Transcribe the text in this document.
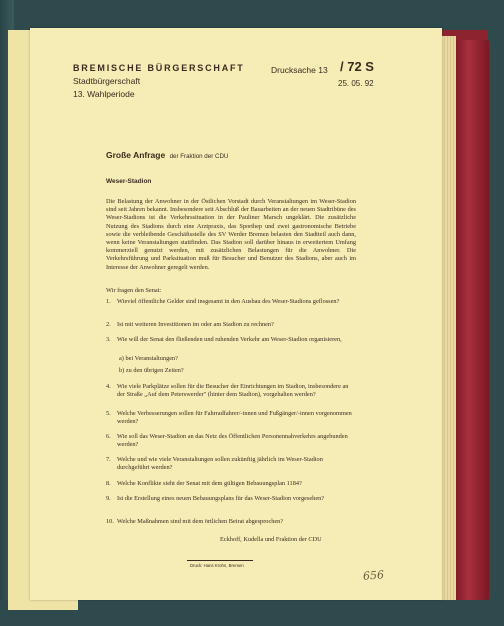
BREMISCHE BÜRGERSCHAFT
Stadtbürgerschaft
13. Wahlperiode
Drucksache 13 / 72 S
25. 05. 92
Große Anfrage der Fraktion der CDU
Weser-Stadion
Die Belastung der Anwohner in der Östlichen Vorstadt durch Veranstaltungen im Weser-Stadion sind seit Jahren bekannt. Insbesondere seit Abschluß der Bauarbeiten an der neuen Stadtribüne des Weser-Stadions ist die Verkehrssituation in der Pauliner Marsch ungeklärt. Die zusätzliche Nutzung des Stadions durch eine Arztpraxis, das Sporthep und zwei gastronomische Betriebe sowie die verbleibende Geschäftsstelle des SV Werder Bremen belasten den Stadtteil auch dann, wenn keine Veranstaltungen stattfinden. Das Stadion soll darüber hinaus in erweitertem Umfang kommerziell genutzt werden, mit zusätzlichen Belastungen für die Anwohner. Die Verkehrsführung und Parksituation muß für Besucher und Benutzer des Stadions, aber auch im Interesse der Anwohner geregelt werden.
Wir fragen den Senat:
1. Wieviel öffentliche Gelder sind insgesamt in den Ausbau des Weser-Stadions geflossen?
2. Ist mit weiteren Investitionen im oder am Stadion zu rechnen?
3. Wie will der Senat den fließenden und ruhenden Verkehr am Weser-Stadion organisieren,
a) bei Veranstaltungen?
b) zu den übrigen Zeiten?
4. Wie viele Parkplätze sollen für die Besucher der Einrichtungen im Stadion, insbesondere an der Straße „Auf dem Peterswerder" (hinter dem Stadion), vorgehalten werden?
5. Welche Verbesserungen sollen für Fahrradfahrer/-innen und Fußgänger/-innen vorgenommen werden?
6. Wie soll das Weser-Stadion an das Netz des Öffentlichen Personennahverkehrs angebunden werden?
7. Welche und wie viele Veranstaltungen sollen zukünftig jährlich im Weser-Stadion durchgeführt werden?
8. Welche Konflikte sieht der Senat mit dem gültigen Bebauungsplan 1184?
9. Ist die Erstellung eines neuen Bebauungsplans für das Weser-Stadion vorgesehen?
10. Welche Maßnahmen sind mit dem örtlichen Beirat abgesprochen?
Eckhoff, Kudella und Fraktion der CDU
Druck: Hans Krohn, Bremen
656
